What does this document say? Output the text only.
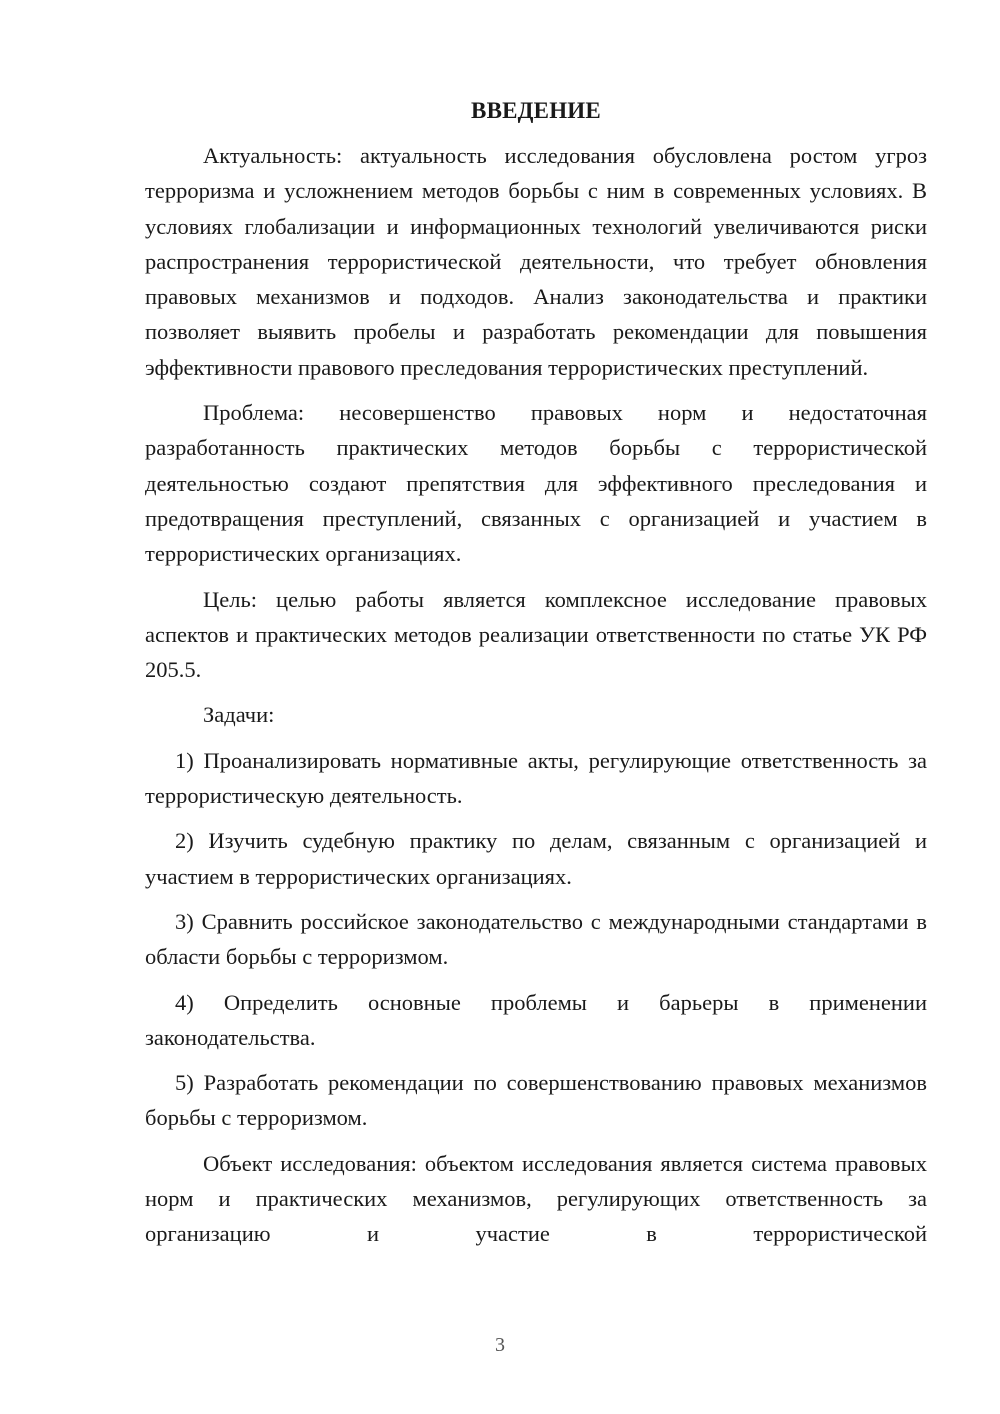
ВВЕДЕНИЕ

Актуальность: актуальность исследования обусловлена ростом угроз терроризма и усложнением методов борьбы с ним в современных условиях. В условиях глобализации и информационных технологий увеличиваются риски распространения террористической деятельности, что требует обновления правовых механизмов и подходов. Анализ законодательства и практики позволяет выявить пробелы и разработать рекомендации для повышения эффективности правового преследования террористических преступлений.

Проблема: несовершенство правовых норм и недостаточная разработанность практических методов борьбы с террористической деятельностью создают препятствия для эффективного преследования и предотвращения преступлений, связанных с организацией и участием в террористических организациях.

Цель: целью работы является комплексное исследование правовых аспектов и практических методов реализации ответственности по статье УК РФ 205.5.

Задачи:

1) Проанализировать нормативные акты, регулирующие ответственность за террористическую деятельность.

2) Изучить судебную практику по делам, связанным с организацией и участием в террористических организациях.

3) Сравнить российское законодательство с международными стандартами в области борьбы с терроризмом.

4) Определить основные проблемы и барьеры в применении законодательства.

5) Разработать рекомендации по совершенствованию правовых механизмов борьбы с терроризмом.

Объект исследования: объектом исследования является система правовых норм и практических механизмов, регулирующих ответственность за организацию и участие в террористической

3
